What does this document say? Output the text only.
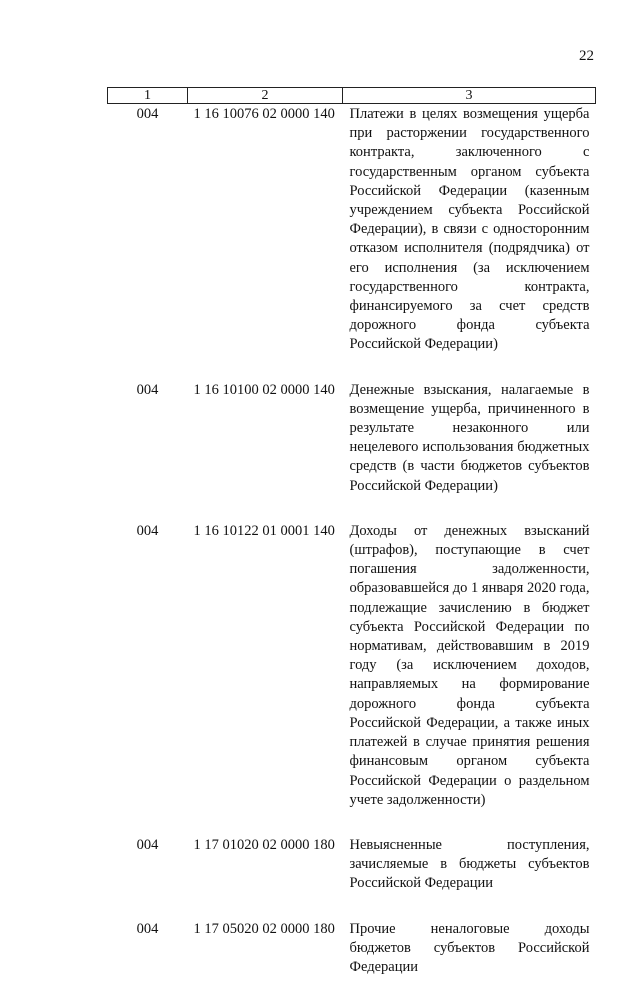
22
1	2	3
004	1 16 10076 02 0000 140	Платежи в целях возмещения ущерба при расторжении государственного контракта, заключенного с государственным органом субъекта Российской Федерации (казенным учреждением субъекта Российской Федерации), в связи с односторонним отказом исполнителя (подрядчика) от его исполнения (за исключением государственного контракта, финансируемого за счет средств дорожного фонда субъекта Российской Федерации)
004	1 16 10100 02 0000 140	Денежные взыскания, налагаемые в возмещение ущерба, причиненного в результате незаконного или нецелевого использования бюджетных средств (в части бюджетов субъектов Российской Федерации)
004	1 16 10122 01 0001 140	Доходы от денежных взысканий (штрафов), поступающие в счет погашения задолженности, образовавшейся до 1 января 2020 года, подлежащие зачислению в бюджет субъекта Российской Федерации по нормативам, действовавшим в 2019 году (за исключением доходов, направляемых на формирование дорожного фонда субъекта Российской Федерации, а также иных платежей в случае принятия решения финансовым органом субъекта Российской Федерации о раздельном учете задолженности)
004	1 17 01020 02 0000 180	Невыясненные поступления, зачисляемые в бюджеты субъектов Российской Федерации
004	1 17 05020 02 0000 180	Прочие неналоговые доходы бюджетов субъектов Российской Федерации
